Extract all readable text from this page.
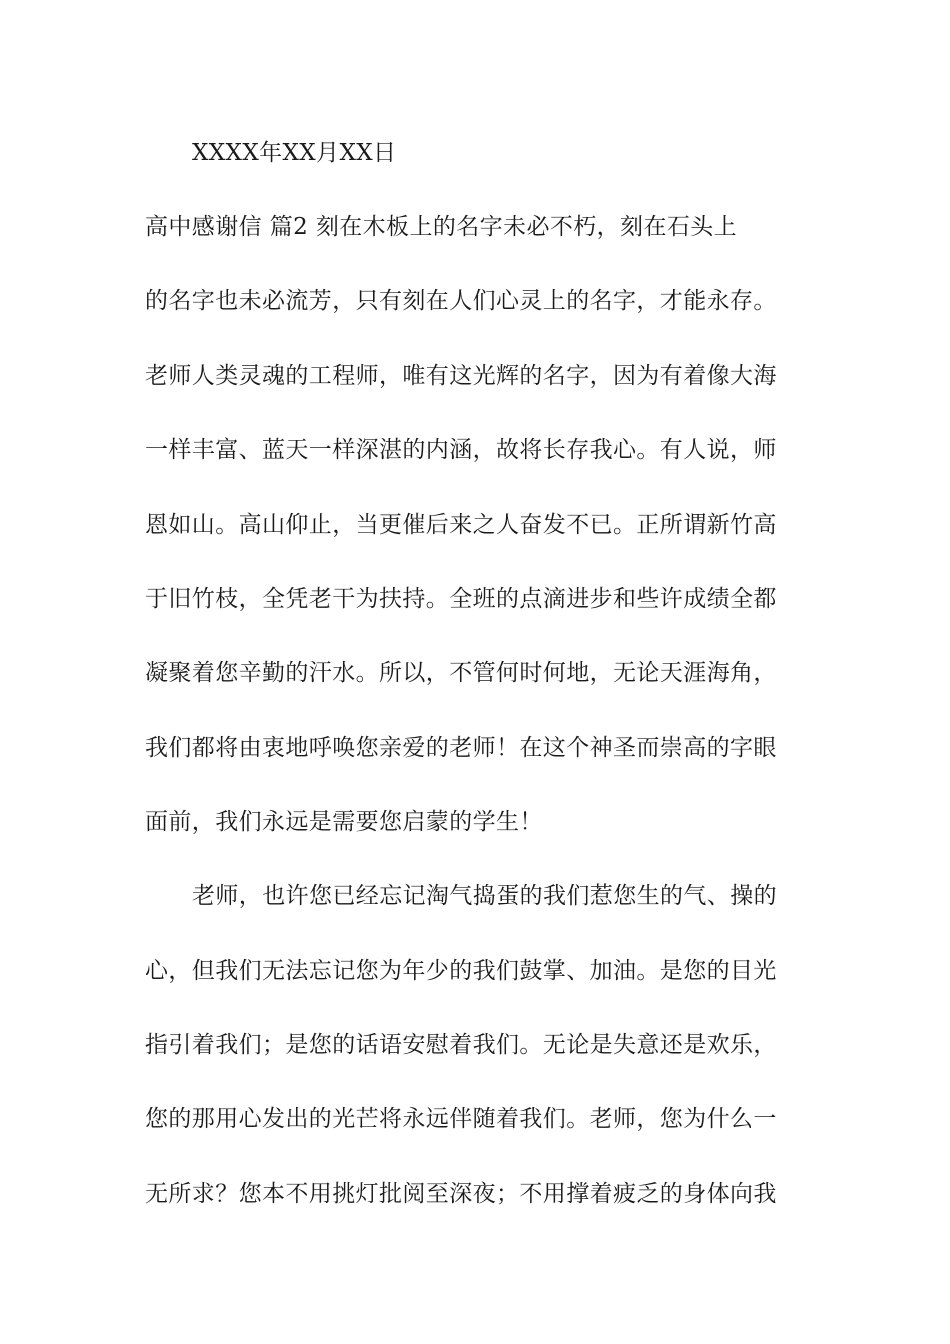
XXXX年XX月XX日
高中感谢信 篇2 刻在木板上的名字未必不朽，刻在石头上
的名字也未必流芳，只有刻在人们心灵上的名字，才能永存。
老师人类灵魂的工程师，唯有这光辉的名字，因为有着像大海
一样丰富、蓝天一样深湛的内涵，故将长存我心。有人说，师
恩如山。高山仰止，当更催后来之人奋发不已。正所谓新竹高
于旧竹枝，全凭老干为扶持。全班的点滴进步和些许成绩全都
凝聚着您辛勤的汗水。所以，不管何时何地，无论天涯海角，
我们都将由衷地呼唤您亲爱的老师！在这个神圣而崇高的字眼
面前，我们永远是需要您启蒙的学生！
老师，也许您已经忘记淘气捣蛋的我们惹您生的气、操的
心，但我们无法忘记您为年少的我们鼓掌、加油。是您的目光
指引着我们；是您的话语安慰着我们。无论是失意还是欢乐，
您的那用心发出的光芒将永远伴随着我们。老师，您为什么一
无所求？您本不用挑灯批阅至深夜；不用撑着疲乏的身体向我
